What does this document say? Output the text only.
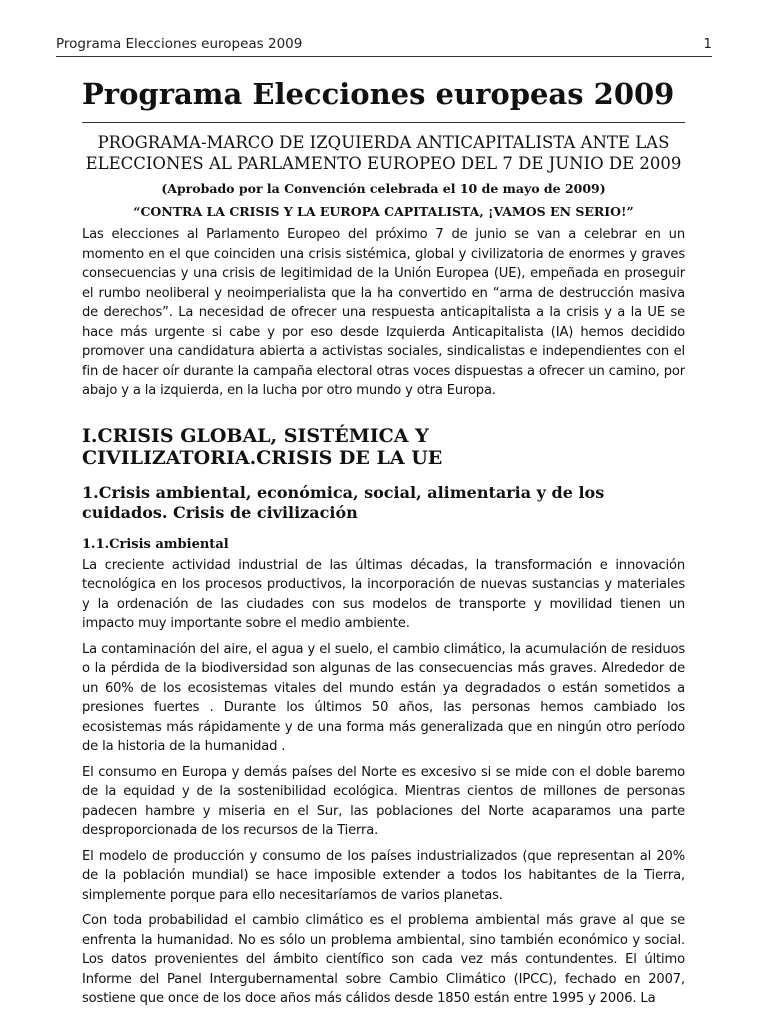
Programa Elecciones europeas 2009	1
Programa Elecciones europeas 2009
PROGRAMA-MARCO DE IZQUIERDA ANTICAPITALISTA ANTE LAS
ELECCIONES AL PARLAMENTO EUROPEO DEL 7 DE JUNIO DE 2009
(Aprobado por la Convención celebrada el 10 de mayo de 2009)
“CONTRA LA CRISIS Y LA EUROPA CAPITALISTA, ¡VAMOS EN SERIO!”

Las elecciones al Parlamento Europeo del próximo 7 de junio se van a celebrar en un momento en el que coinciden una crisis sistémica, global y civilizatoria de enormes y graves consecuencias y una crisis de legitimidad de la Unión Europea (UE), empeñada en proseguir el rumbo neoliberal y neoimperialista que la ha convertido en “arma de destrucción masiva de derechos”. La necesidad de ofrecer una respuesta anticapitalista a la crisis y a la UE se hace más urgente si cabe y por eso desde Izquierda Anticapitalista (IA) hemos decidido promover una candidatura abierta a activistas sociales, sindicalistas e independientes con el fin de hacer oír durante la campaña electoral otras voces dispuestas a ofrecer un camino, por abajo y a la izquierda, en la lucha por otro mundo y otra Europa.

I.CRISIS GLOBAL, SISTÉMICA Y CIVILIZATORIA.CRISIS DE LA UE
1.Crisis ambiental, económica, social, alimentaria y de los cuidados. Crisis de civilización
1.1.Crisis ambiental

La creciente actividad industrial de las últimas décadas, la transformación e innovación tecnológica en los procesos productivos, la incorporación de nuevas sustancias y materiales y la ordenación de las ciudades con sus modelos de transporte y movilidad tienen un impacto muy importante sobre el medio ambiente.

La contaminación del aire, el agua y el suelo, el cambio climático, la acumulación de residuos o la pérdida de la biodiversidad son algunas de las consecuencias más graves. Alrededor de un 60% de los ecosistemas vitales del mundo están ya degradados o están sometidos a presiones fuertes . Durante los últimos 50 años, las personas hemos cambiado los ecosistemas más rápidamente y de una forma más generalizada que en ningún otro período de la historia de la humanidad .

El consumo en Europa y demás países del Norte es excesivo si se mide con el doble baremo de la equidad y de la sostenibilidad ecológica. Mientras cientos de millones de personas padecen hambre y miseria en el Sur, las poblaciones del Norte acaparamos una parte desproporcionada de los recursos de la Tierra.

El modelo de producción y consumo de los países industrializados (que representan al 20% de la población mundial) se hace imposible extender a todos los habitantes de la Tierra, simplemente porque para ello necesitaríamos de varios planetas.

Con toda probabilidad el cambio climático es el problema ambiental más grave al que se enfrenta la humanidad. No es sólo un problema ambiental, sino también económico y social. Los datos provenientes del ámbito científico son cada vez más contundentes. El último Informe del Panel Intergubernamental sobre Cambio Climático (IPCC), fechado en 2007, sostiene que once de los doce años más cálidos desde 1850 están entre 1995 y 2006. La
